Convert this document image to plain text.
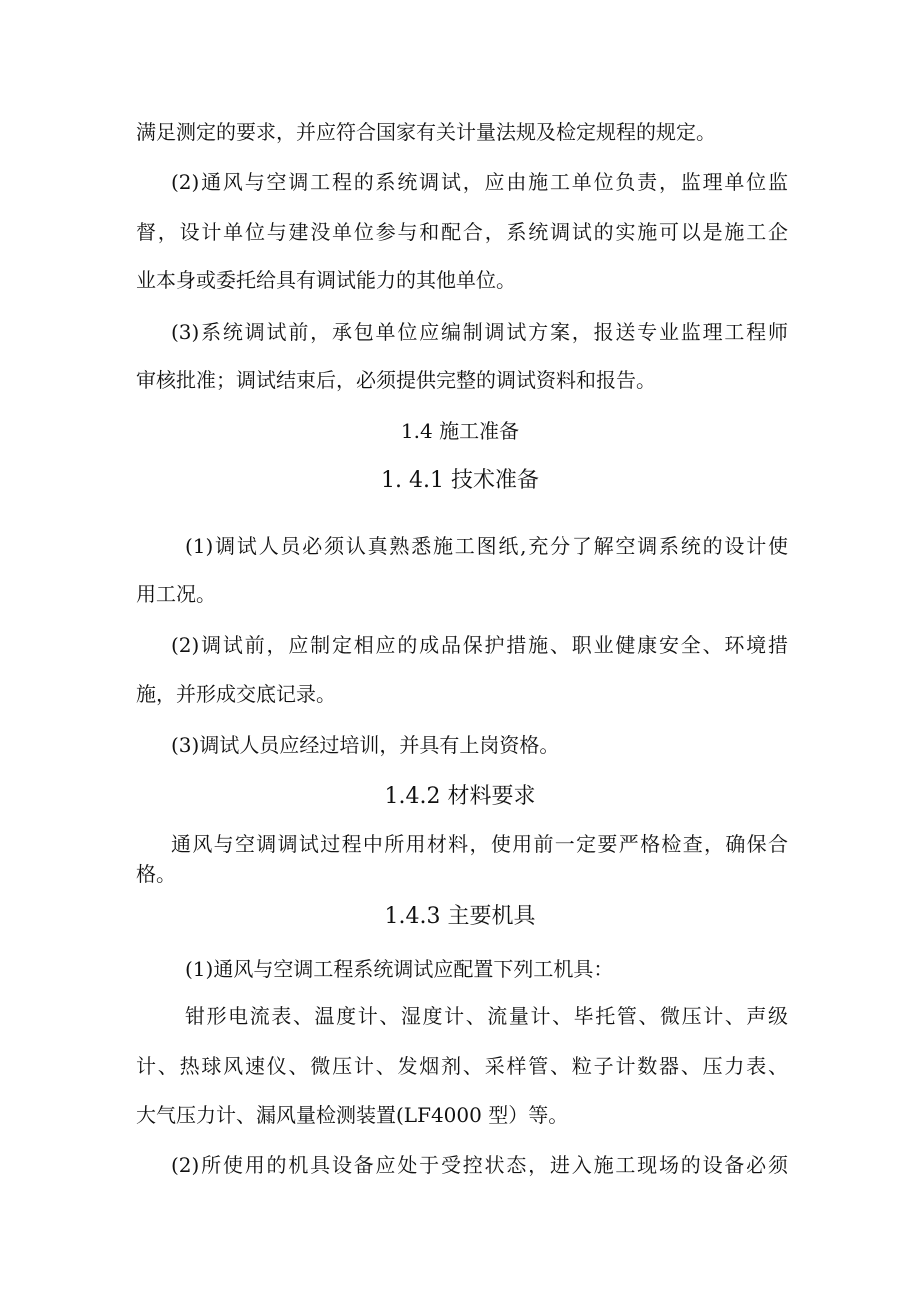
满足测定的要求，并应符合国家有关计量法规及检定规程的规定。

(2)通风与空调工程的系统调试，应由施工单位负责，监理单位监

督，设计单位与建没单位参与和配合，系统调试的实施可以是施工企

业本身或委托给具有调试能力的其他单位。

(3)系统调试前，承包单位应编制调试方案，报送专业监理工程师

审核批准；调试结束后，必须提供完整的调试资料和报告。

1.4 施工准备

1. 4.1 技术准备

(1)调试人员必须认真熟悉施工图纸,充分了解空调系统的设计使

用工况。

(2)调试前，应制定相应的成品保护措施、职业健康安全、环境措

施，并形成交底记录。

(3)调试人员应经过培训，并具有上岗资格。

1.4.2 材料要求

通风与空调调试过程中所用材料，使用前一定要严格检查，确保合

格。

1.4.3 主要机具

(1)通风与空调工程系统调试应配置下列工机具：

钳形电流表、温度计、湿度计、流量计、毕托管、微压计、声级

计、热球风速仪、微压计、发烟剂、采样管、粒子计数器、压力表、

大气压力计、漏风量检测装置(LF4000 型）等。

(2)所使用的机具设备应处于受控状态，进入施工现场的设备必须
